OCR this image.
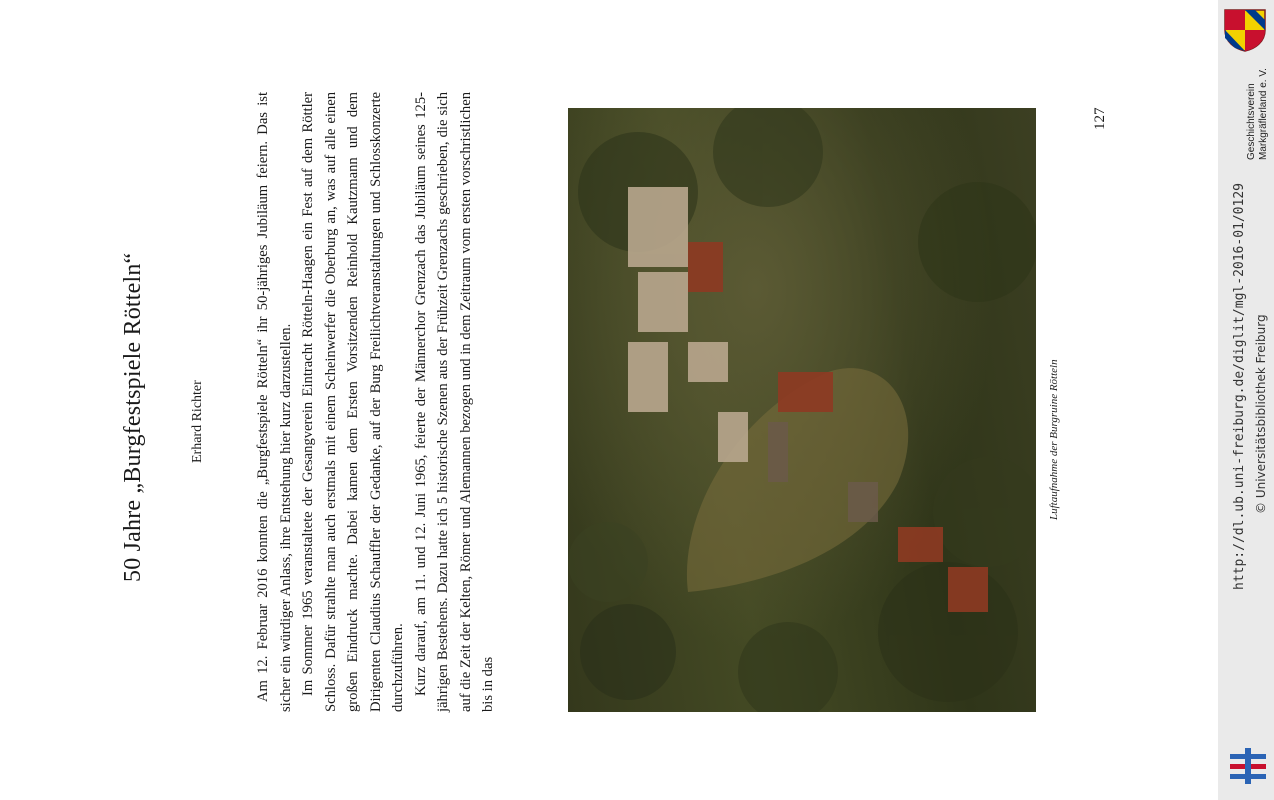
50 Jahre „Burgfestspiele Rötteln“	Erhard Richter	Am 12. Februar 2016 konnten die „Burgfestspiele Rötteln“ ihr 50-jähriges Jubiläum feiern. Das ist sicher ein würdiger Anlass, ihre Entstehung hier kurz darzustellen. Im Sommer 1965 veranstaltete der Gesangverein Eintracht Rötteln-Haagen ein Fest auf dem Röttler Schloss. Dafür strahlte man auch erstmals mit einem Scheinwerfer die Oberburg an, was auf alle einen großen Eindruck machte. Dabei kamen dem Ersten Vorsitzenden Reinhold Kautzmann und dem Dirigenten Claudius Schauffler der Gedanke, auf der Burg Freilichtveranstaltungen und Schlosskonzerte durchzuführen. Kurz darauf, am 11. und 12. Juni 1965, feierte der Männerchor Grenzach das Jubiläum seines 125-jährigen Bestehens. Dazu hatte ich 5 historische Szenen aus der Frühzeit Grenzachs geschrieben, die sich auf die Zeit der Kelten, Römer und Alemannen bezogen und in dem Zeitraum vom ersten vorschristlichen bis in das

Luftaufnahme der Burgruine Rötteln
127	Geschichtsverein Markgräflerland e. V.
http://dl.ub.uni-freiburg.de/diglit/mgl-2016-01/0129 © Universitätsbibliothek Freiburg
